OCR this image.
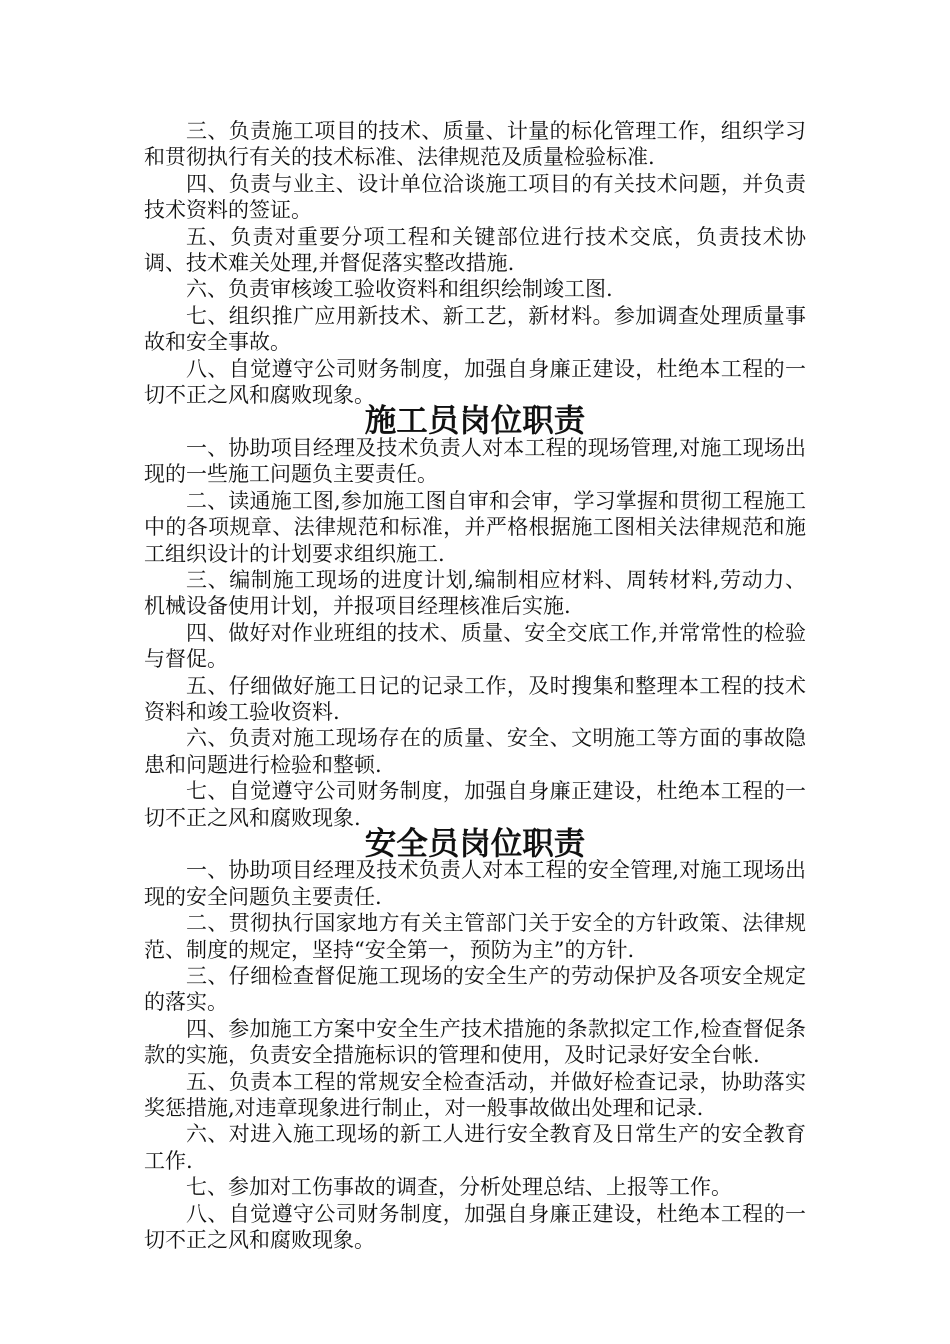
三、负责施工项目的技术、质量、计量的标化管理工作，组织学习和贯彻执行有关的技术标准、法律规范及质量检验标准.

四、负责与业主、设计单位洽谈施工项目的有关技术问题，并负责技术资料的签证。

五、负责对重要分项工程和关键部位进行技术交底，负责技术协调、技术难关处理,并督促落实整改措施.

六、负责审核竣工验收资料和组织绘制竣工图.

七、组织推广应用新技术、新工艺，新材料。参加调查处理质量事故和安全事故。

八、自觉遵守公司财务制度，加强自身廉正建设，杜绝本工程的一切不正之风和腐败现象。

施工员岗位职责

一、协助项目经理及技术负责人对本工程的现场管理,对施工现场出现的一些施工问题负主要责任。

二、读通施工图,参加施工图自审和会审，学习掌握和贯彻工程施工中的各项规章、法律规范和标准，并严格根据施工图相关法律规范和施工组织设计的计划要求组织施工.

三、编制施工现场的进度计划,编制相应材料、周转材料,劳动力、机械设备使用计划，并报项目经理核准后实施.

四、做好对作业班组的技术、质量、安全交底工作,并常常性的检验与督促。

五、仔细做好施工日记的记录工作，及时搜集和整理本工程的技术资料和竣工验收资料.

六、负责对施工现场存在的质量、安全、文明施工等方面的事故隐患和问题进行检验和整顿.

七、自觉遵守公司财务制度，加强自身廉正建设，杜绝本工程的一切不正之风和腐败现象.

安全员岗位职责

一、协助项目经理及技术负责人对本工程的安全管理,对施工现场出现的安全问题负主要责任.

二、贯彻执行国家地方有关主管部门关于安全的方针政策、法律规范、制度的规定，坚持“安全第一，预防为主”的方针.

三、仔细检查督促施工现场的安全生产的劳动保护及各项安全规定的落实。

四、参加施工方案中安全生产技术措施的条款拟定工作,检查督促条款的实施，负责安全措施标识的管理和使用，及时记录好安全台帐.

五、负责本工程的常规安全检查活动，并做好检查记录，协助落实奖惩措施,对违章现象进行制止，对一般事故做出处理和记录.

六、对进入施工现场的新工人进行安全教育及日常生产的安全教育工作.

七、参加对工伤事故的调查，分析处理总结、上报等工作。

八、自觉遵守公司财务制度，加强自身廉正建设，杜绝本工程的一切不正之风和腐败现象。
